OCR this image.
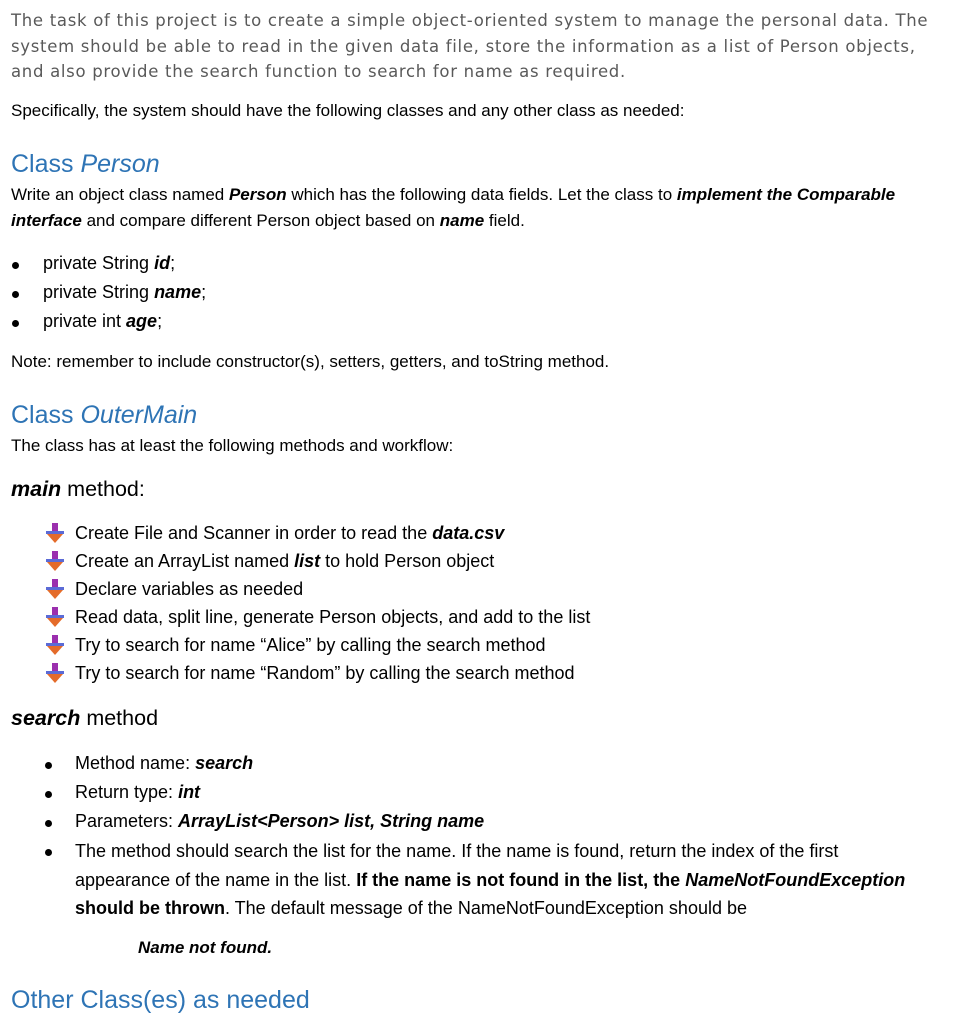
The task of this project is to create a simple object-oriented system to manage the personal data. The system should be able to read in the given data file, store the information as a list of Person objects, and also provide the search function to search for name as required.

Specifically, the system should have the following classes and any other class as needed:

Class Person

Write an object class named Person which has the following data fields. Let the class to implement the Comparable
interface and compare different Person object based on name field.

private String id;
private String name;
private int age;

Note: remember to include constructor(s), setters, getters, and toString method.

Class OuterMain

The class has at least the following methods and workflow:

main method:
Create File and Scanner in order to read the data.csv
Create an ArrayList named list to hold Person object
Declare variables as needed
Read data, split line, generate Person objects, and add to the list
Try to search for name “Alice” by calling the search method
Try to search for name “Random” by calling the search method
search method
Method name: search
Return type: int
Parameters: ArrayList<Person> list, String name
The method should search the list for the name. If the name is found, return the index of the first
appearance of the name in the list. If the name is not found in the list, the NameNotFoundException
should be thrown. The default message of the NameNotFoundException should be
Name not found.
Other Class(es) as needed
